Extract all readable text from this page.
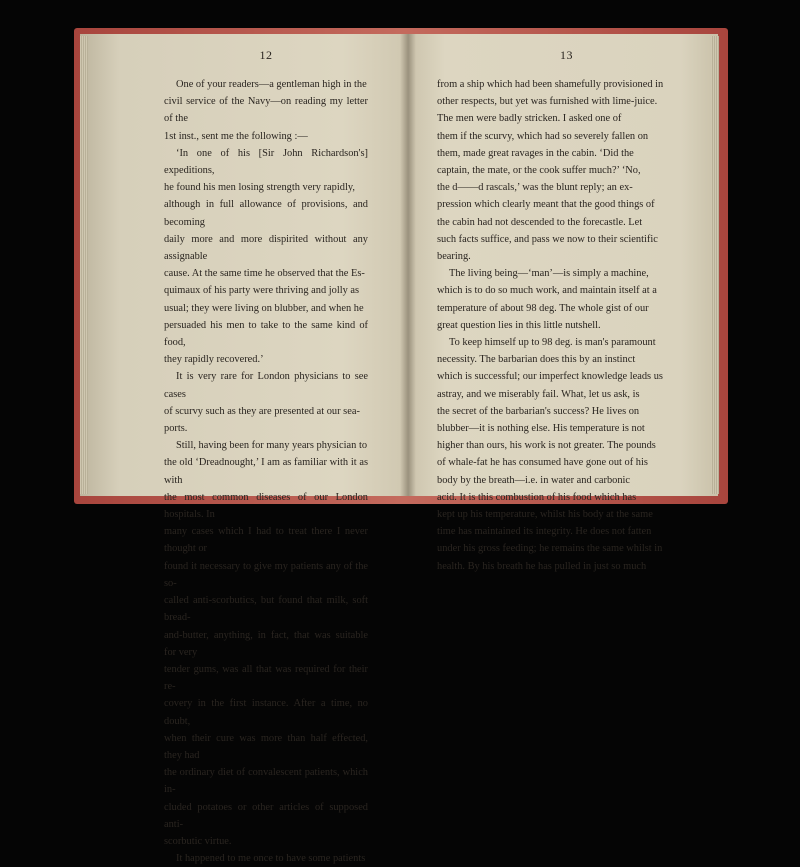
12

One of your readers—a gentleman high in the
civil service of the Navy—on reading my letter of the
1st inst., sent me the following :—

‘In one of his [Sir John Richardson's] expeditions,
he found his men losing strength very rapidly,
although in full allowance of provisions, and becoming
daily more and more dispirited without any assignable
cause. At the same time he observed that the Es-
quimaux of his party were thriving and jolly as
usual; they were living on blubber, and when he
persuaded his men to take to the same kind of food,
they rapidly recovered.’

It is very rare for London physicians to see cases
of scurvy such as they are presented at our sea-
ports.

Still, having been for many years physician to
the old ‘Dreadnought,’ I am as familiar with it as with
the most common diseases of our London hospitals. In
many cases which I had to treat there I never thought or
found it necessary to give my patients any of the so-
called anti-scorbutics, but found that milk, soft bread-
and-butter, anything, in fact, that was suitable for very
tender gums, was all that was required for their re-
covery in the first instance. After a time, no doubt,
when their cure was more than half effected, they had
the ordinary diet of convalescent patients, which in-
cluded potatoes or other articles of supposed anti-
scorbutic virtue.

It happened to me once to have some patients

13

from a ship which had been shamefully provisioned in
other respects, but yet was furnished with lime-juice.
The men were badly stricken. I asked one of
them if the scurvy, which had so severely fallen on
them, made great ravages in the cabin. ‘Did the
captain, the mate, or the cook suffer much?’ ‘No,
the d——d rascals,’ was the blunt reply; an ex-
pression which clearly meant that the good things of
the cabin had not descended to the forecastle. Let
such facts suffice, and pass we now to their scientific
bearing.

The living being—‘man’—is simply a machine,
which is to do so much work, and maintain itself at a
temperature of about 98 deg. The whole gist of our
great question lies in this little nutshell.

To keep himself up to 98 deg. is man's paramount
necessity. The barbarian does this by an instinct
which is successful; our imperfect knowledge leads us
astray, and we miserably fail. What, let us ask, is
the secret of the barbarian's success? He lives on
blubber—it is nothing else. His temperature is not
higher than ours, his work is not greater. The pounds
of whale-fat he has consumed have gone out of his
body by the breath—i.e. in water and carbonic
acid. It is this combustion of his food which has
kept up his temperature, whilst his body at the same
time has maintained its integrity. He does not fatten
under his gross feeding; he remains the same whilst in
health. By his breath he has pulled in just so much
